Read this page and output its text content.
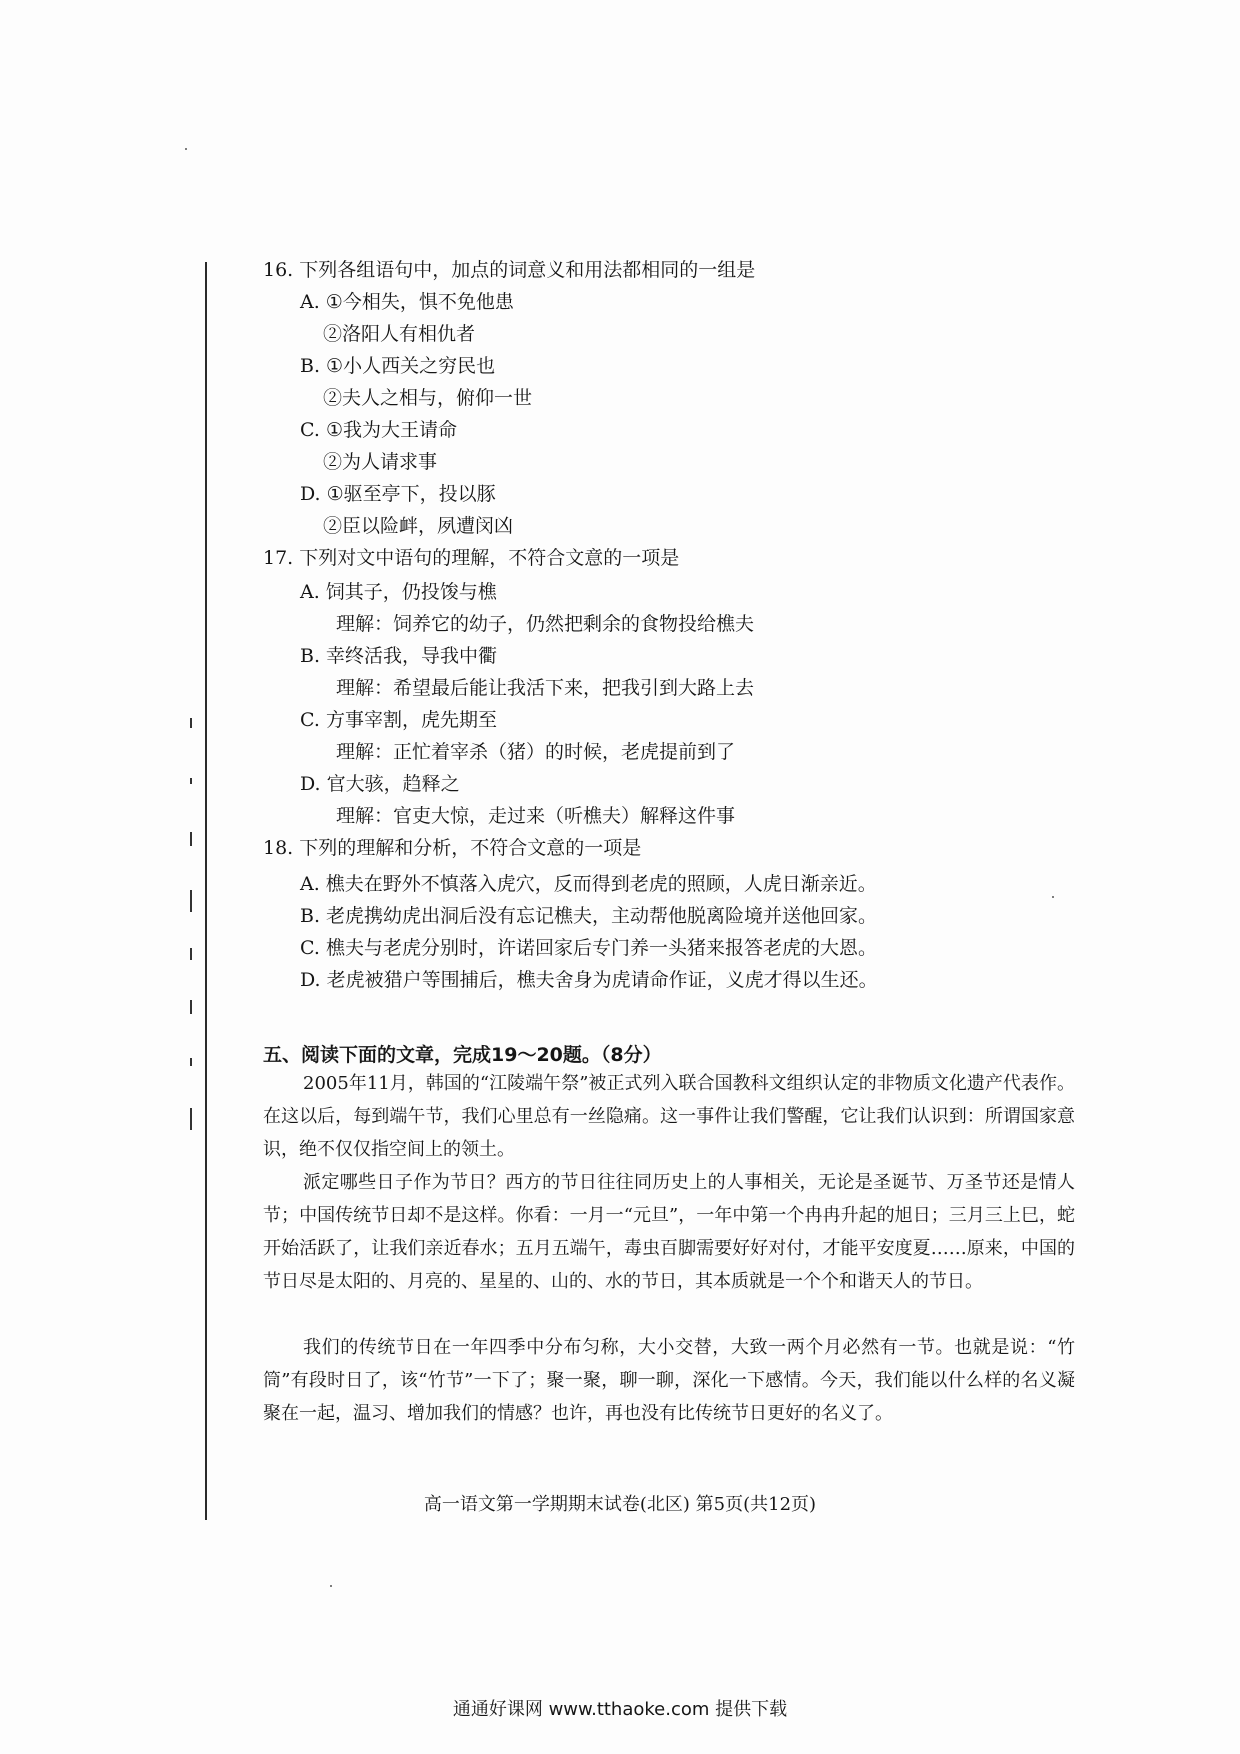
16. 下列各组语句中，加点的词意义和用法都相同的一组是
A. ①今相失，惧不免他患
②洛阳人有相仇者
B. ①小人西关之穷民也
②夫人之相与，俯仰一世
C. ①我为大王请命
②为人请求事
D. ①驱至亭下，投以豚
②臣以险衅，夙遭闵凶
17. 下列对文中语句的理解，不符合文意的一项是
A. 饲其子，仍投馂与樵
理解：饲养它的幼子，仍然把剩余的食物投给樵夫
B. 幸终活我，导我中衢
理解：希望最后能让我活下来，把我引到大路上去
C. 方事宰割，虎先期至
理解：正忙着宰杀（猪）的时候，老虎提前到了
D. 官大骇，趋释之
理解：官吏大惊，走过来（听樵夫）解释这件事
18. 下列的理解和分析，不符合文意的一项是
A. 樵夫在野外不慎落入虎穴，反而得到老虎的照顾，人虎日渐亲近。
B. 老虎携幼虎出洞后没有忘记樵夫，主动帮他脱离险境并送他回家。
C. 樵夫与老虎分别时，许诺回家后专门养一头猪来报答老虎的大恩。
D. 老虎被猎户等围捕后，樵夫舍身为虎请命作证，义虎才得以生还。
五、阅读下面的文章，完成19～20题。（8分）

2005年11月，韩国的“江陵端午祭”被正式列入联合国教科文组织认定的非物质文化遗产代表作。在这以后，每到端午节，我们心里总有一丝隐痛。这一事件让我们警醒，它让我们认识到：所谓国家意识，绝不仅仅指空间上的领土。

派定哪些日子作为节日？西方的节日往往同历史上的人事相关，无论是圣诞节、万圣节还是情人节；中国传统节日却不是这样。你看：一月一“元旦”，一年中第一个冉冉升起的旭日；三月三上巳，蛇开始活跃了，让我们亲近春水；五月五端午，毒虫百脚需要好好对付，才能平安度夏……原来，中国的节日尽是太阳的、月亮的、星星的、山的、水的节日，其本质就是一个个和谐天人的节日。

我们的传统节日在一年四季中分布匀称，大小交替，大致一两个月必然有一节。也就是说：“竹筒”有段时日了，该“竹节”一下了；聚一聚，聊一聊，深化一下感情。今天，我们能以什么样的名义凝聚在一起，温习、增加我们的情感？也许，再也没有比传统节日更好的名义了。

高一语文第一学期期末试卷(北区) 第5页(共12页)
通通好课网 www.tthaoke.com 提供下载
